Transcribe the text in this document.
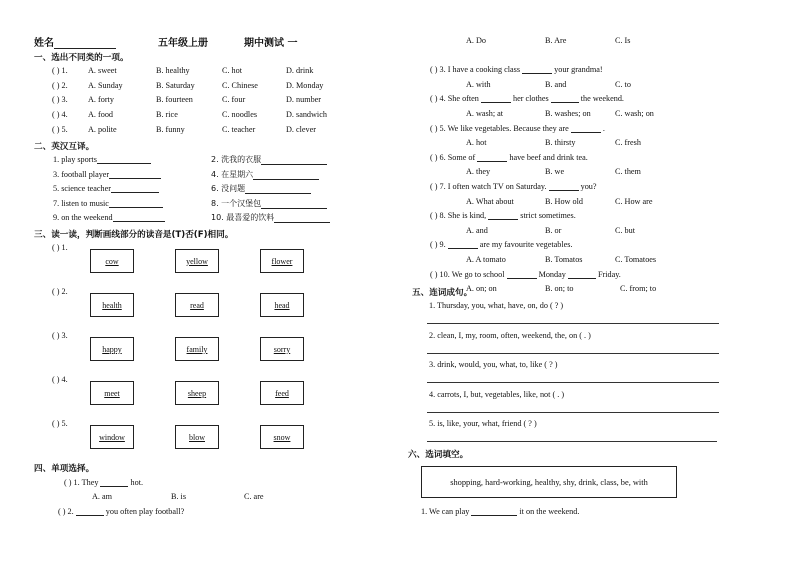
姓名	五年级上册	期中测试 一
一、选出不同类的一项。
( ) 1. A. sweet	B. healthy	C. hot	D. drink
( ) 2. A. Sunday	B. Saturday	C. Chinese	D. Monday
( ) 3. A. forty	B. fourteen	C. four	D. number
( ) 4. A. food	B. rice	C. noodles	D. sandwich
( ) 5. A. polite	B. funny	C. teacher	D. clever
二、英汉互译。
1. play sports
3. football player
5. science teacher
7. listen to music
9. on the weekend
2. 洗我的衣服
4. 在星期六
6. 没问题
8. 一个汉堡包
10. 最喜爱的饮料
三、读一读，判断画线部分的读音是(T)否(F)相同。
( ) 1.
cow	yellow	flower
( ) 2.
health	read	head
( ) 3.
happy	family	sorry
( ) 4.
meet	sheep	feed
( ) 5.
window	blow	snow
四、单项选择。
( ) 1. They	hot.
A. am	B. is	C. are
( ) 2.	you often play football?
A. Do	B. Are	C. Is
( ) 3. I have a cooking class	your grandma!
A. with	B. and	C. to
( ) 4. She often	her clothes	the weekend.
A. wash; at	B. washes; on	C. wash; on
( ) 5. We like vegetables. Because they are	.
A. hot	B. thirsty	C. fresh
( ) 6. Some of	have beef and drink tea.
A. they	B. we	C. them
( ) 7. I often watch TV on Saturday.	you?
A. What about	B. How old	C. How are
( ) 8. She is kind,	strict sometimes.
A. and	B. or	C. but
( ) 9.	are my favourite vegetables.
A. A tomato	B. Tomatos	C. Tomatoes
( ) 10. We go to school	Monday	Friday.
A. on; on	B. on; to	C. from; to
五、连词成句。
1. Thursday, you, what, have, on, do ( ? )
2. clean, I, my, room, often, weekend, the, on ( . )
3. drink, would, you, what, to, like ( ? )
4. carrots, I, but, vegetables, like, not ( . )
5. is, like, your, what, friend ( ? )
六、选词填空。
shopping, hard-working, healthy, shy, drink, class, be, with
1. We can play	it on the weekend.
